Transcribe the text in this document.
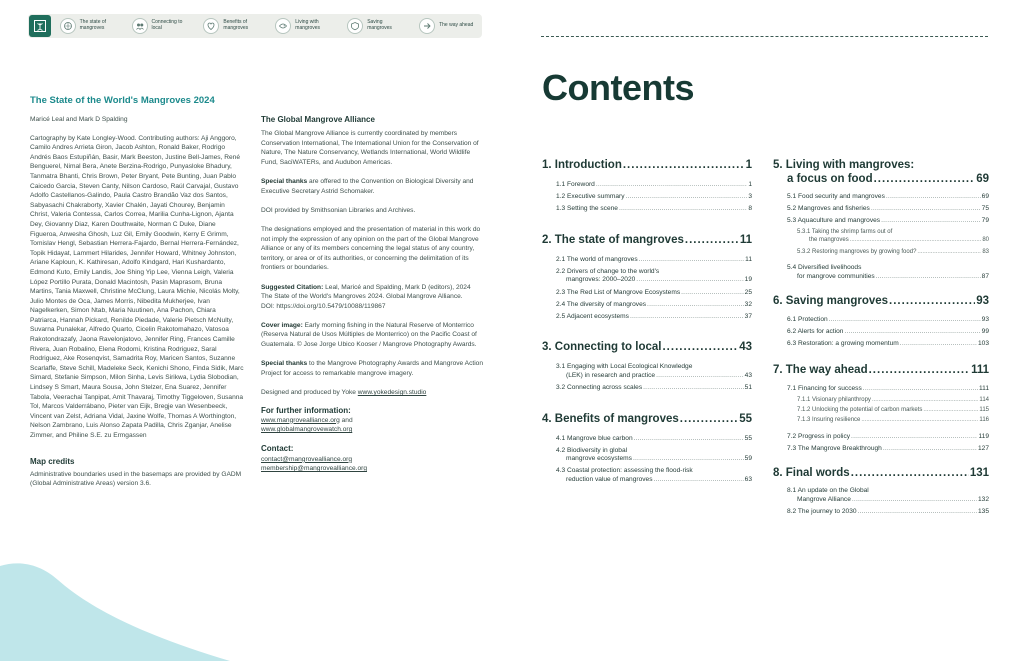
The state of mangroves
Connecting to local
Benefits of mangroves
Living with mangroves
Saving mangroves	The way ahead
The State of the World's Mangroves 2024
Maricé Leal and Mark D Spalding
Cartography by Kate Longley-Wood. Contributing authors: Aji Anggoro, Camilo Andres Arrieta Giron, Jacob Ashton, Ronald Baker, Rodrigo Andrés Baos Estupiñán, Basir, Mark Beeston, Justine Bell-James, René Benguerel, Nimal Bera, Anete Berzina-Rodrigo, Punyasloke Bhadury, Tanmatra Bhanti, Chris Brown, Peter Bryant, Pete Bunting, Juan Pablo Caicedo Garcia, Steven Canty, Nilson Cardoso, Raúl Carvajal, Gustavo Adolfo Castellanos-Galindo, Paula Castro Brandão Vaz dos Santos, Sabyasachi Chakraborty, Xavier Chalén, Jayati Chourey, Benjamin Christ, Valeria Contessa, Carlos Correa, Marilia Cunha-Lignon, Ajanta Dey, Giovanny Diaz, Karen Douthwaite, Norman C Duke, Diane Figueroa, Anwesha Ghosh, Luz Gil, Emily Goodwin, Kerry E Grimm, Tomislav Hengl, Sebastian Herrera-Fajardo, Bernal Herrera-Fernández, Topik Hidayat, Lammert Hilarides, Jennifer Howard, Whitney Johnston, Ariane Kaploun, K. Kathiresan, Adolfo Kindgard, Hari Kushardanto, Edmond Kuto, Emily Landis, Joe Shing Yip Lee, Vienna Leigh, Valeria López Portillo Purata, Donald Macintosh, Pasin Maprasom, Bruna Martins, Tania Maxwell, Christine McClung, Laura Michie, Nicolás Molty, Julio Montes de Oca, James Morris, Nibedita Mukherjee, Ivan Nagelkerken, Simon Ntab, Maria Nuutinen, Ana Pachon, Chiara Patriarca, Hannah Pickard, Renilde Piedade, Valerie Pietsch McNulty, Suvarna Punalekar, Alfredo Quarto, Cicelin Rakotomahazo, Vatosoa Rakotondrazafy, Jaona Ravelonjatovo, Jennifer Ring, Frances Camille Rivera, Juan Robalino, Elena Rodomi, Kristina Rodriguez, Saral Rodriguez, Ake Rosenqvist, Samadrita Roy, Maricen Santos, Suzanne Scarlaffe, Steve Schill, Madeleke Seck, Kenichi Shono, Finda Sidik, Marc Simard, Stefanie Simpson, Milon Sinha, Levis Sirikwa, Lydia Slobodian, Lindsey S Smart, Maura Sousa, John Stelzer, Ena Suarez, Jennifer Tabola, Veerachai Tanpipat, Amit Thavaraj, Timothy Tiggeloven, Susanna Tol, Marcos Valderrábano, Pieter van Eijk, Bregje van Wesenbeeck, Vincent van Zelst, Adriana Vidal, Jaxine Wolfe, Thomas A Worthington, Nelson Zambrano, Luis Alonso Zapata Padilla, Chris Zganjar, Anelise Zimmer, and Philine S.E. zu Ermgassen
Map credits
Administrative boundaries used in the basemaps are provided by GADM (Global Administrative Areas) version 3.6.
The Global Mangrove Alliance
The Global Mangrove Alliance is currently coordinated by members Conservation International, The International Union for the Conservation of Nature, The Nature Conservancy, Wetlands International, World Wildlife Fund, SaciWATERs, and Audubon Americas.
Special thanks are offered to the Convention on Biological Diversity and Executive Secretary Astrid Schomaker.
DOI provided by Smithsonian Libraries and Archives.
The designations employed and the presentation of material in this work do not imply the expression of any opinion on the part of the Global Mangrove Alliance or any of its members concerning the legal status of any country, territory, or area or of its authorities, or concerning the delimitation of its frontiers or boundaries.
Suggested Citation: Leal, Maricé and Spalding, Mark D (editors), 2024 The State of the World's Mangroves 2024. Global Mangrove Alliance.
DOI: https://doi.org/10.5479/10088/119867
Cover image: Early morning fishing in the Natural Reserve of Monterrico (Reserva Natural de Usos Múltiples de Monterrico) on the Pacific Coast of Guatemala. © Jose Jorge Ubico Kooser / Mangrove Photography Awards.
Special thanks to the Mangrove Photography Awards and Mangrove Action Project for access to remarkable mangrove imagery.
Designed and produced by Yoke www.yokedesign.studio
For further information:
www.mangrovealliance.org and
www.globalmangrovewatch.org
Contact:
contact@mangrovealliance.org
membership@mangrovealliance.org
Contents
1. Introduction .....	1
1.1 Foreword .....	1
1.2 Executive summary .....	3
1.3 Setting the scene .....	8
2. The state of mangroves .....	11
2.1 The world of mangroves .....	11
2.2 Drivers of change to the world's
mangroves: 2000–2020 .....	19
2.3 The Red List of Mangrove Ecosystems .....	25
2.4 The diversity of mangroves .....	32
2.5 Adjacent ecosystems .....	37
3. Connecting to local .....	43
3.1 Engaging with Local Ecological Knowledge
(LEK) in research and practice .....	43
3.2 Connecting across scales .....	51
4. Benefits of mangroves .....	55
4.1 Mangrove blue carbon .....	55
4.2 Biodiversity in global
mangrove ecosystems .....	59
4.3 Coastal protection: assessing the flood-risk
reduction value of mangroves .....	63
5. Living with mangroves:
a focus on food .....	69
5.1 Food security and mangroves .....	69
5.2 Mangroves and fisheries .....	75
5.3 Aquaculture and mangroves .....	79
5.3.1 Taking the shrimp farms out of
the mangroves .....	80
5.3.2 Restoring mangroves by growing food? .....	83
5.4 Diversified livelihoods
for mangrove communities .....	87
6. Saving mangroves .....	93
6.1 Protection .....	93
6.2 Alerts for action .....	99
6.3 Restoration: a growing momentum .....	103
7. The way ahead .....	111
7.1 Financing for success .....	111
7.1.1 Visionary philanthropy .....	114
7.1.2 Unlocking the potential of carbon markets .....	115
7.1.3 Insuring resilience .....	116
7.2 Progress in policy .....	119
7.3 The Mangrove Breakthrough .....	127
8. Final words .....	131
8.1 An update on the Global
Mangrove Alliance .....	132
8.2 The journey to 2030 .....	135
